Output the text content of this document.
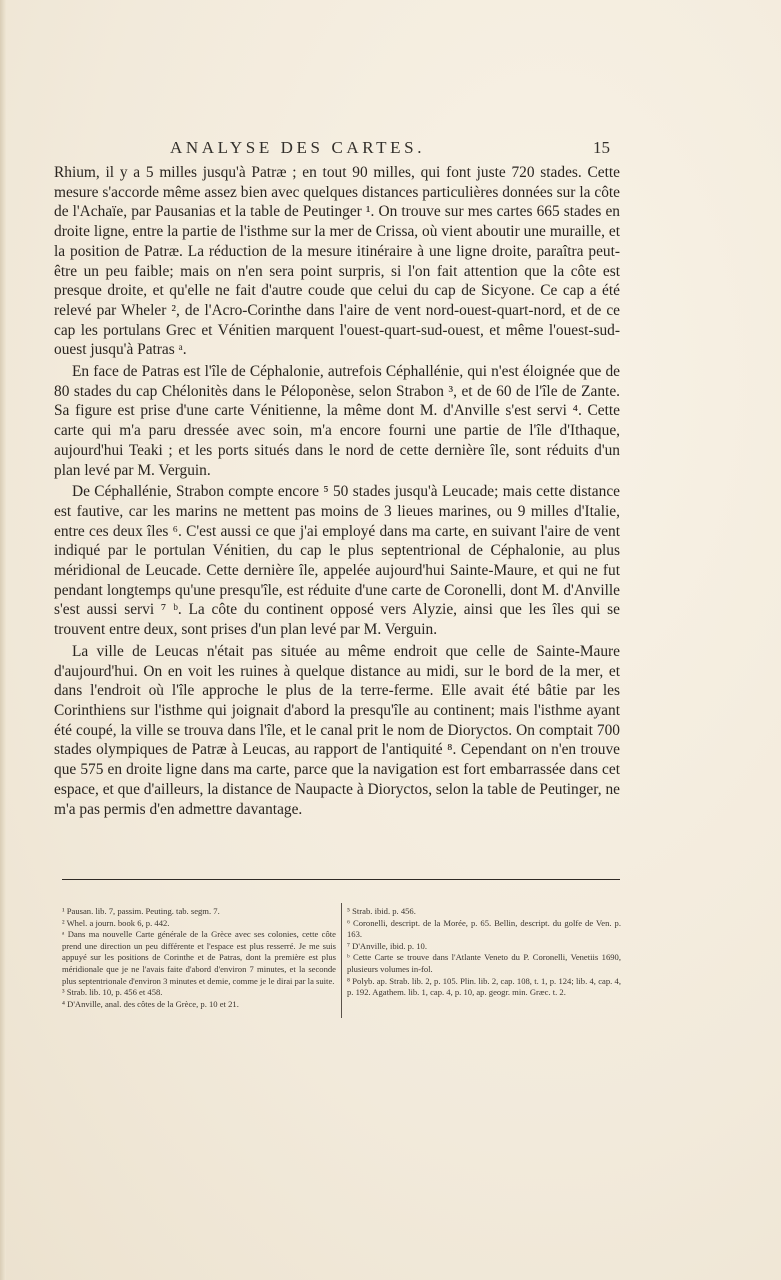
ANALYSE DES CARTES.	15

Rhium, il y a 5 milles jusqu'à Patræ ; en tout 90 milles, qui font juste 720 stades. Cette mesure s'accorde même assez bien avec quelques distances particulières données sur la côte de l'Achaïe, par Pausanias et la table de Peutinger ¹. On trouve sur mes cartes 665 stades en droite ligne, entre la partie de l'isthme sur la mer de Crissa, où vient aboutir une muraille, et la position de Patræ. La réduction de la mesure itinéraire à une ligne droite, paraîtra peut-être un peu faible; mais on n'en sera point surpris, si l'on fait attention que la côte est presque droite, et qu'elle ne fait d'autre coude que celui du cap de Sicyone. Ce cap a été relevé par Wheler ², de l'Acro-Corinthe dans l'aire de vent nord-ouest-quart-nord, et de ce cap les portulans Grec et Vénitien marquent l'ouest-quart-sud-ouest, et même l'ouest-sud-ouest jusqu'à Patras ᵃ.

En face de Patras est l'île de Céphalonie, autrefois Céphallénie, qui n'est éloignée que de 80 stades du cap Chélonitès dans le Péloponèse, selon Strabon ³, et de 60 de l'île de Zante. Sa figure est prise d'une carte Vénitienne, la même dont M. d'Anville s'est servi ⁴. Cette carte qui m'a paru dressée avec soin, m'a encore fourni une partie de l'île d'Ithaque, aujourd'hui Teaki ; et les ports situés dans le nord de cette dernière île, sont réduits d'un plan levé par M. Verguin.

De Céphallénie, Strabon compte encore ⁵ 50 stades jusqu'à Leucade; mais cette distance est fautive, car les marins ne mettent pas moins de 3 lieues marines, ou 9 milles d'Italie, entre ces deux îles ⁶. C'est aussi ce que j'ai employé dans ma carte, en suivant l'aire de vent indiqué par le portulan Vénitien, du cap le plus septentrional de Céphalonie, au plus méridional de Leucade. Cette dernière île, appelée aujourd'hui Sainte-Maure, et qui ne fut pendant longtemps qu'une presqu'île, est réduite d'une carte de Coronelli, dont M. d'Anville s'est aussi servi ⁷ ᵇ. La côte du continent opposé vers Alyzie, ainsi que les îles qui se trouvent entre deux, sont prises d'un plan levé par M. Verguin.

La ville de Leucas n'était pas située au même endroit que celle de Sainte-Maure d'aujourd'hui. On en voit les ruines à quelque distance au midi, sur le bord de la mer, et dans l'endroit où l'île approche le plus de la terre-ferme. Elle avait été bâtie par les Corinthiens sur l'isthme qui joignait d'abord la presqu'île au continent; mais l'isthme ayant été coupé, la ville se trouva dans l'île, et le canal prit le nom de Dioryctos. On comptait 700 stades olympiques de Patræ à Leucas, au rapport de l'antiquité ⁸. Cependant on n'en trouve que 575 en droite ligne dans ma carte, parce que la navigation est fort embarrassée dans cet espace, et que d'ailleurs, la distance de Naupacte à Dioryctos, selon la table de Peutinger, ne m'a pas permis d'en admettre davantage.

¹ Pausan. lib. 7, passim. Peuting. tab. segm. 7.

² Whel. a journ. book 6, p. 442.

ᵃ Dans ma nouvelle Carte générale de la Grèce avec ses colonies, cette côte prend une direction un peu différente et l'espace est plus resserré. Je me suis appuyé sur les positions de Corinthe et de Patras, dont la première est plus méridionale que je ne l'avais faite d'abord d'environ 7 minutes, et la seconde plus septentrionale d'environ 3 minutes et demie, comme je le dirai par la suite.

³ Strab. lib. 10, p. 456 et 458.

⁴ D'Anville, anal. des côtes de la Grèce, p. 10 et 21.

⁵ Strab. ibid. p. 456.

⁶ Coronelli, descript. de la Morée, p. 65. Bellin, descript. du golfe de Ven. p. 163.

⁷ D'Anville, ibid. p. 10.

ᵇ Cette Carte se trouve dans l'Atlante Veneto du P. Coronelli, Venetiis 1690, plusieurs volumes in-fol.

⁸ Polyb. ap. Strab. lib. 2, p. 105. Plin. lib. 2, cap. 108, t. 1, p. 124; lib. 4, cap. 4, p. 192. Agathem. lib. 1, cap. 4, p. 10, ap. geogr. min. Græc. t. 2.
